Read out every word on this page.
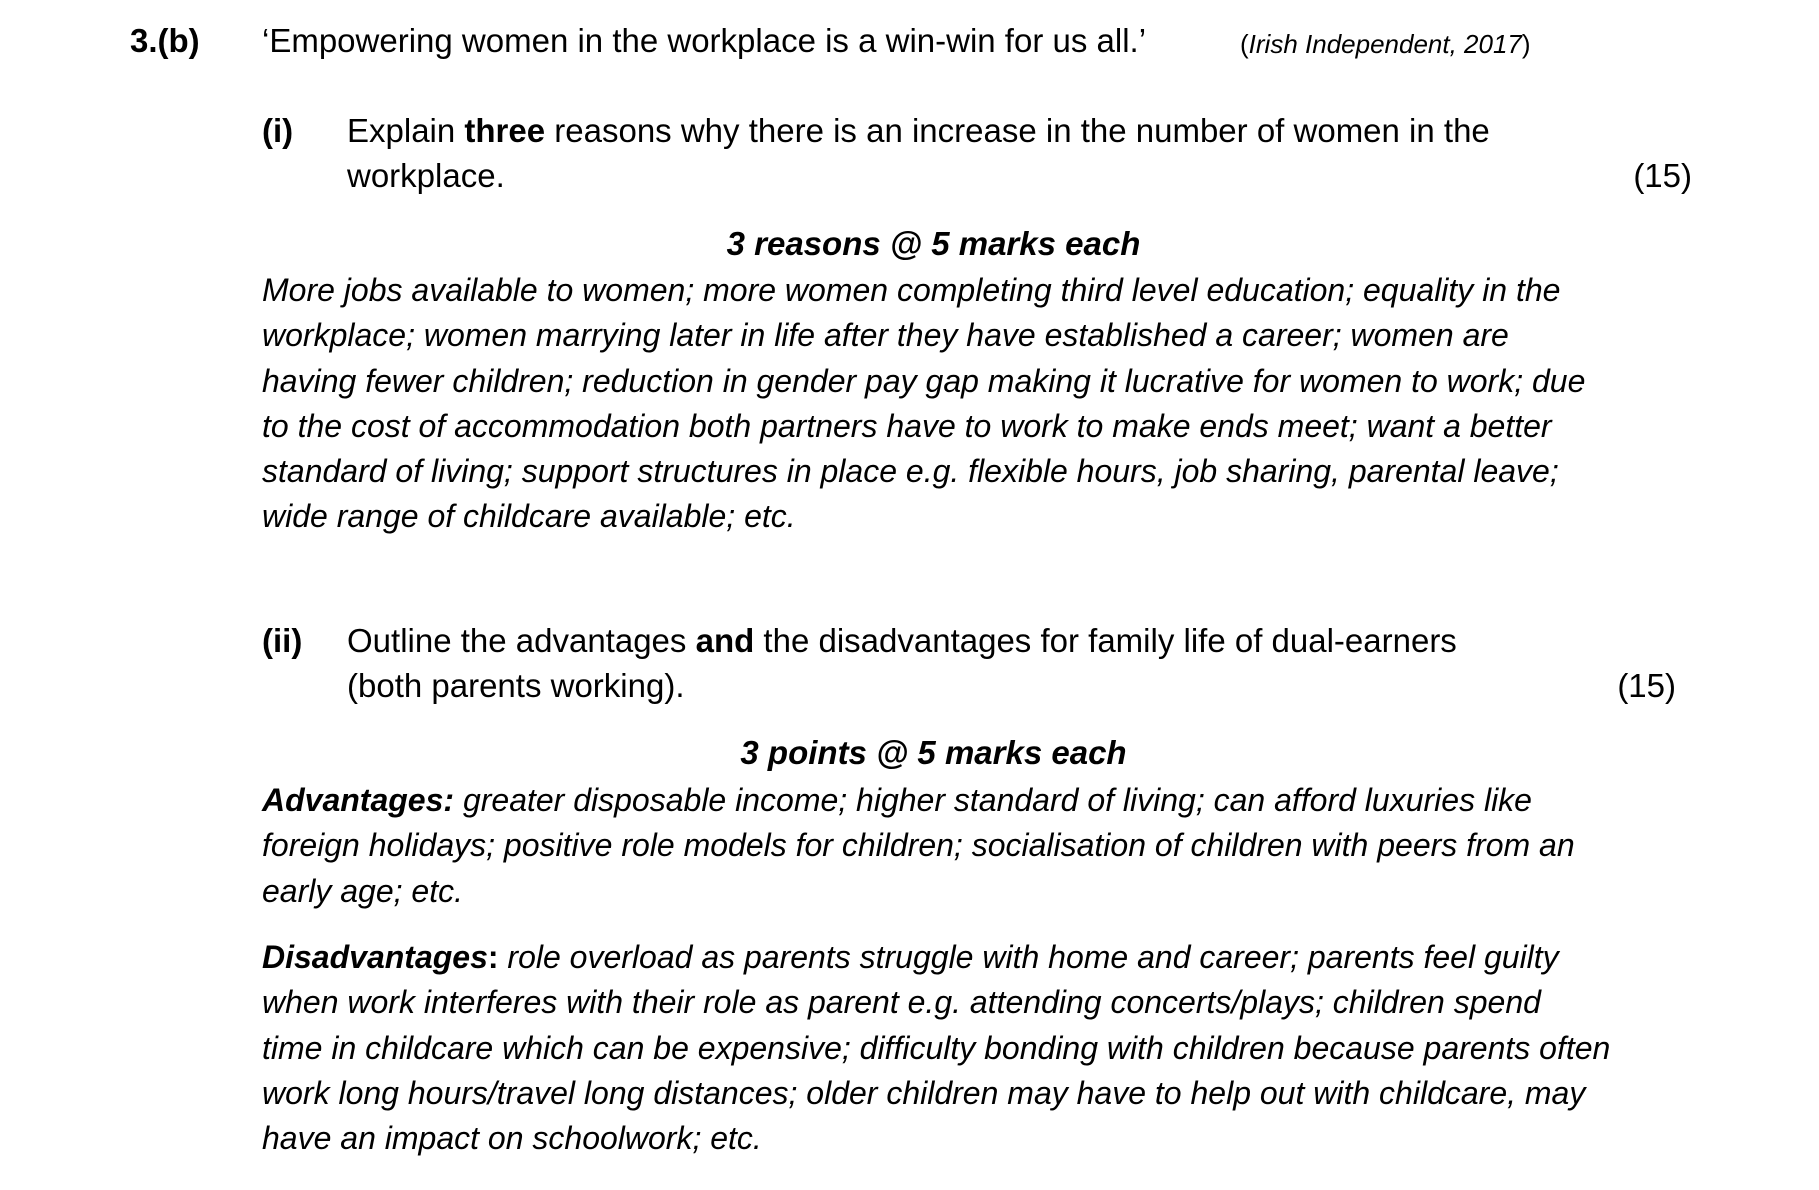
3.(b) ‘Empowering women in the workplace is a win-win for us all.’	(Irish Independent, 2017)
(i) Explain three reasons why there is an increase in the number of women in the
workplace.	(15)
3 reasons @ 5 marks each
More jobs available to women; more women completing third level education; equality in the
workplace; women marrying later in life after they have established a career; women are
having fewer children; reduction in gender pay gap making it lucrative for women to work; due
to the cost of accommodation both partners have to work to make ends meet; want a better
standard of living; support structures in place e.g. flexible hours, job sharing, parental leave;
wide range of childcare available; etc.
(ii) Outline the advantages and the disadvantages for family life of dual-earners
(both parents working).	(15)
3 points @ 5 marks each
Advantages: greater disposable income; higher standard of living; can afford luxuries like
foreign holidays; positive role models for children; socialisation of children with peers from an
early age; etc.
Disadvantages: role overload as parents struggle with home and career; parents feel guilty
when work interferes with their role as parent e.g. attending concerts/plays; children spend
time in childcare which can be expensive; difficulty bonding with children because parents often
work long hours/travel long distances; older children may have to help out with childcare, may
have an impact on schoolwork; etc.
